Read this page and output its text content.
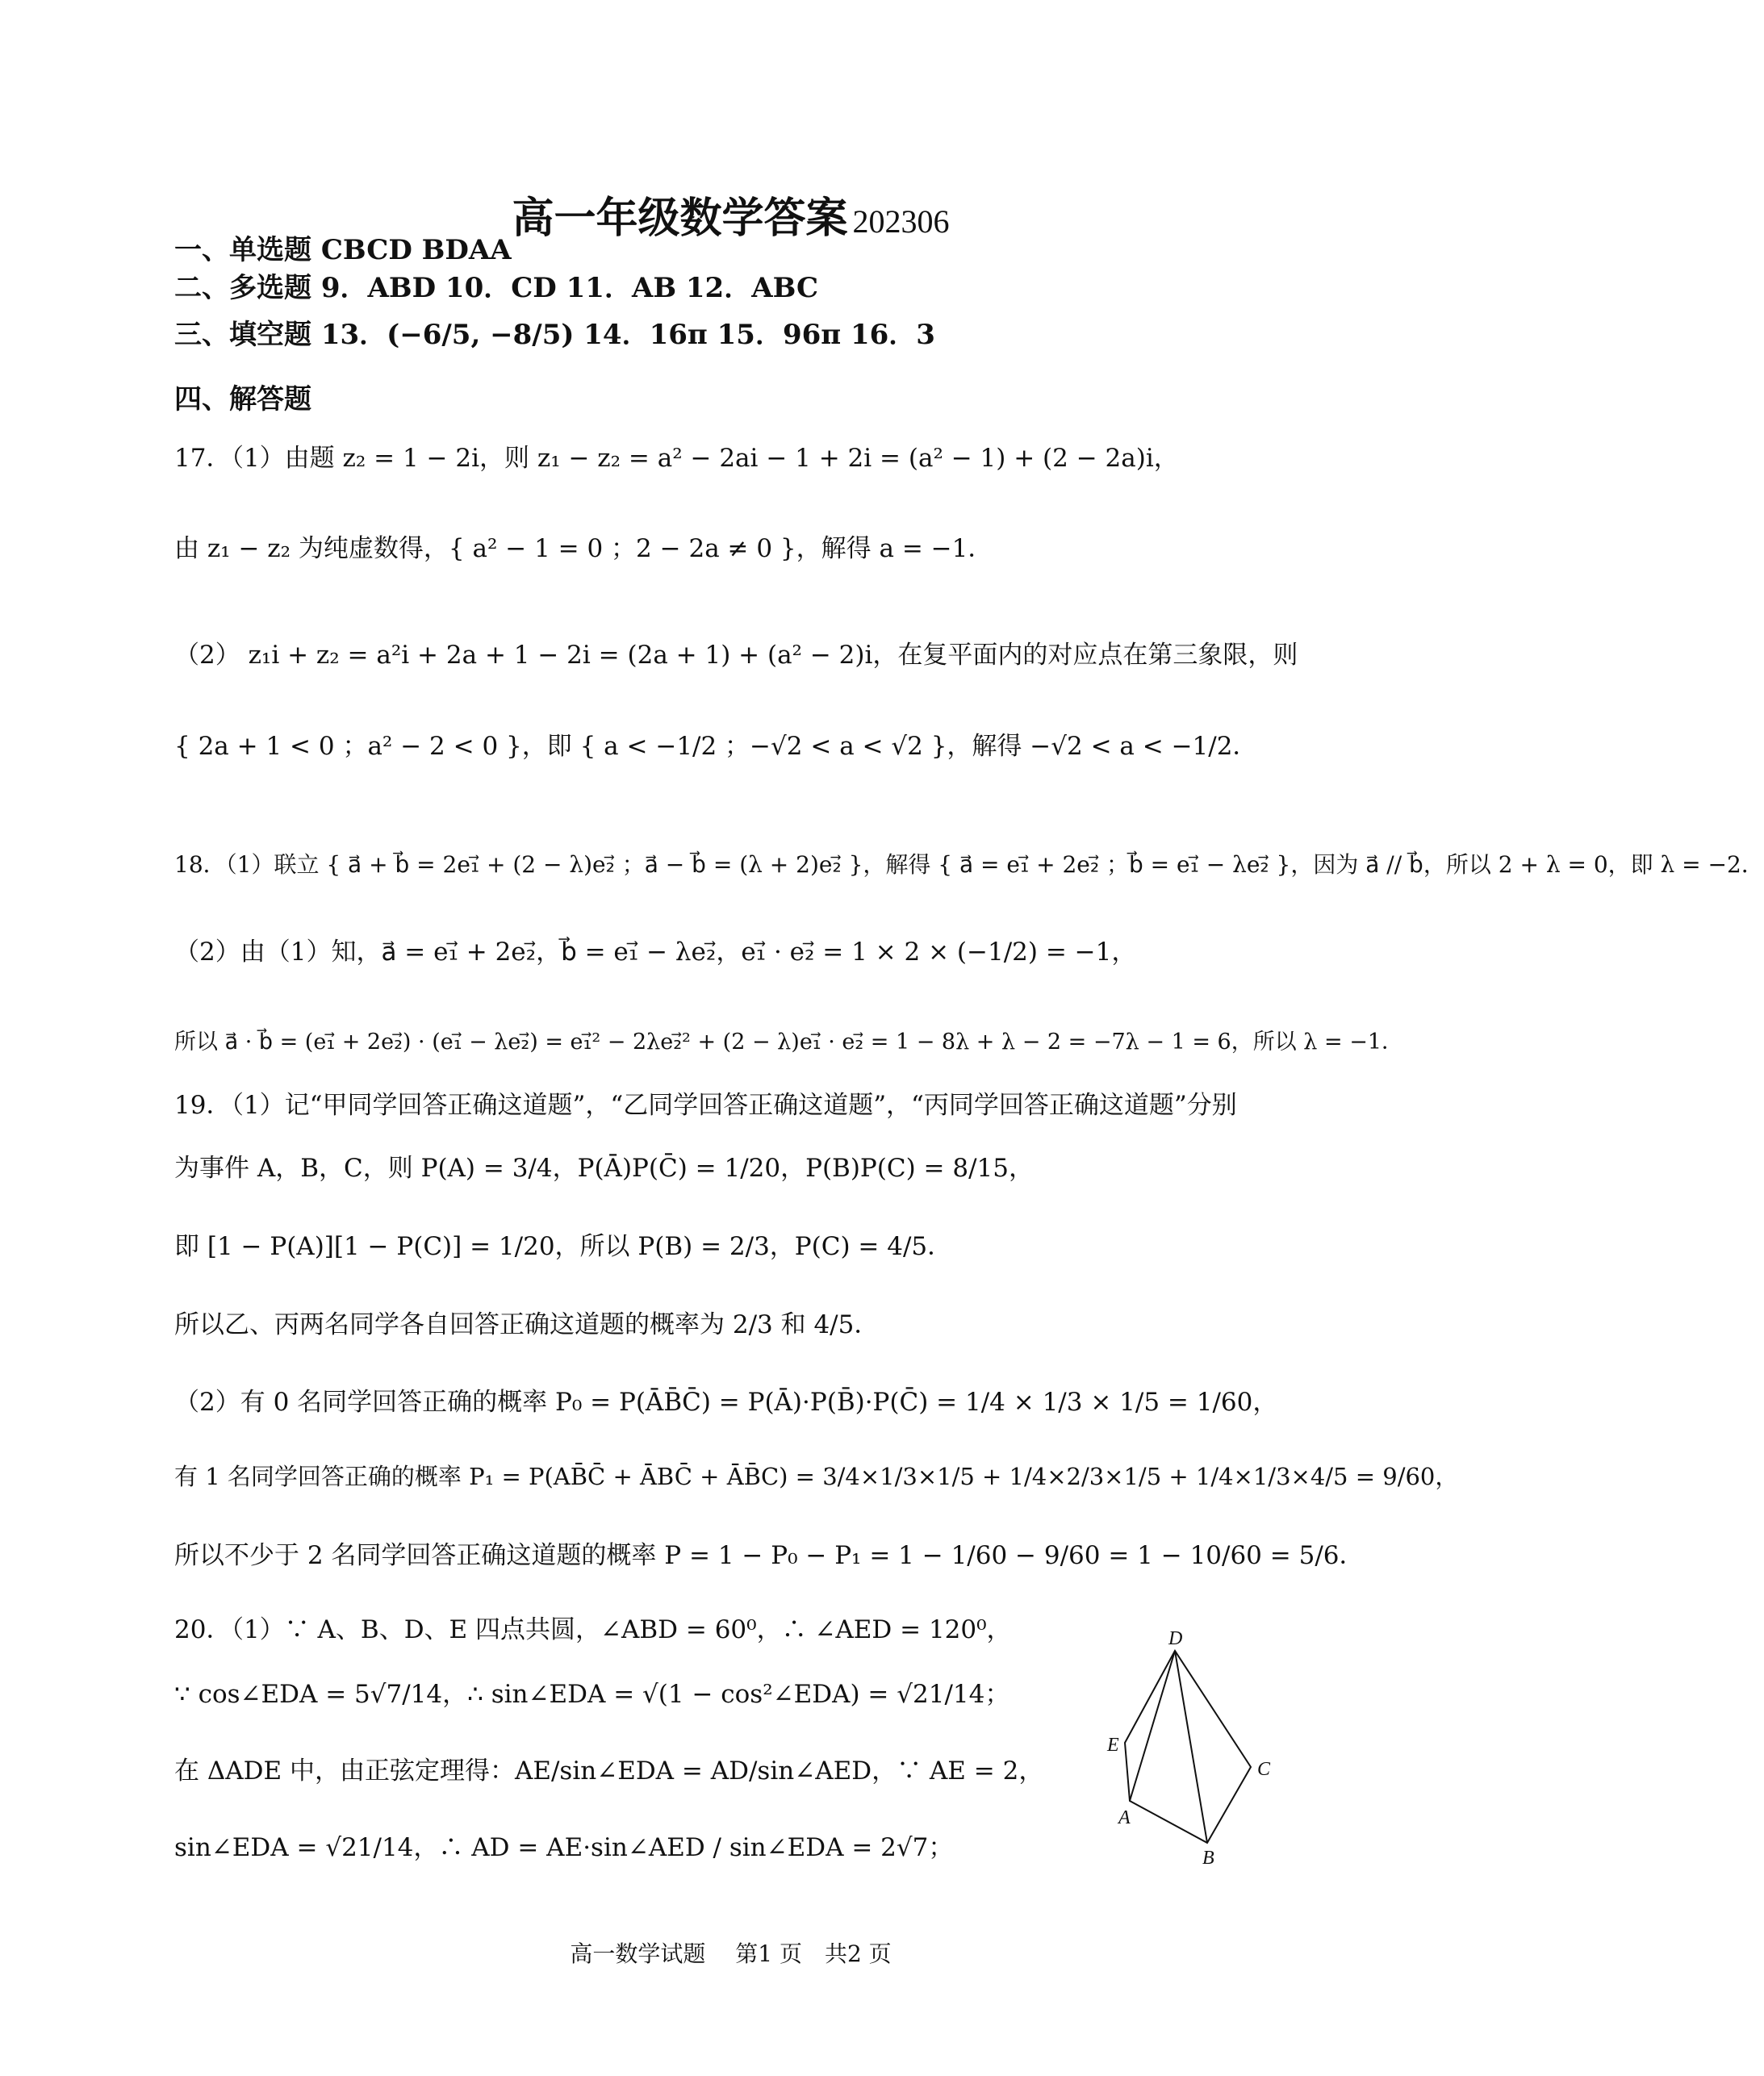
高一年级数学答案 202306
一、单选题 CBCD BDAA
二、多选题 9．ABD 10．CD 11．AB 12．ABC
三、填空题 13．(−6/5, −8/5) 14．16π 15．96π 16．3
四、解答题
17．（1）由题 z₂ = 1 − 2i，则 z₁ − z₂ = a² − 2ai − 1 + 2i = (a² − 1) + (2 − 2a)i，
由 z₁ − z₂ 为纯虚数得，{ a² − 1 = 0 ；2 − 2a ≠ 0 }，解得 a = −1．
（2） z₁i + z₂ = a²i + 2a + 1 − 2i = (2a + 1) + (a² − 2)i，在复平面内的对应点在第三象限，则
{ 2a + 1 < 0 ；a² − 2 < 0 }，即 { a < −1/2 ；−√2 < a < √2 }，解得 −√2 < a < −1/2．
18．（1）联立 { a⃗ + b⃗ = 2e₁⃗ + (2 − λ)e₂⃗ ；a⃗ − b⃗ = (λ + 2)e₂⃗ }，解得 { a⃗ = e₁⃗ + 2e₂⃗ ；b⃗ = e₁⃗ − λe₂⃗ }，因为 a⃗ // b⃗，所以 2 + λ = 0，即 λ = −2．
（2）由（1）知，a⃗ = e₁⃗ + 2e₂⃗，b⃗ = e₁⃗ − λe₂⃗，e₁⃗ · e₂⃗ = 1 × 2 × (−1/2) = −1，
所以 a⃗ · b⃗ = (e₁⃗ + 2e₂⃗) · (e₁⃗ − λe₂⃗) = e₁⃗² − 2λe₂⃗² + (2 − λ)e₁⃗ · e₂⃗ = 1 − 8λ + λ − 2 = −7λ − 1 = 6，所以 λ = −1．
19．（1）记“甲同学回答正确这道题”，“乙同学回答正确这道题”，“丙同学回答正确这道题”分别
为事件 A，B，C，则 P(A) = 3/4，P(Ā)P(C̄) = 1/20，P(B)P(C) = 8/15，
即 [1 − P(A)][1 − P(C)] = 1/20，所以 P(B) = 2/3，P(C) = 4/5．
所以乙、丙两名同学各自回答正确这道题的概率为 2/3 和 4/5．
（2）有 0 名同学回答正确的概率 P₀ = P(ĀB̄C̄) = P(Ā)·P(B̄)·P(C̄) = 1/4 × 1/3 × 1/5 = 1/60，
有 1 名同学回答正确的概率 P₁ = P(AB̄C̄ + ĀBC̄ + ĀB̄C) = 3/4×1/3×1/5 + 1/4×2/3×1/5 + 1/4×1/3×4/5 = 9/60，
所以不少于 2 名同学回答正确这道题的概率 P = 1 − P₀ − P₁ = 1 − 1/60 − 9/60 = 1 − 10/60 = 5/6．
20．（1）∵ A、B、D、E 四点共圆，∠ABD = 60⁰，∴ ∠AED = 120⁰，
∵ cos∠EDA = 5√7/14，∴ sin∠EDA = √(1 − cos²∠EDA) = √21/14；
在 ΔADE 中，由正弦定理得：AE/sin∠EDA = AD/sin∠AED，∵ AE = 2，
sin∠EDA = √21/14，∴ AD = AE·sin∠AED / sin∠EDA = 2√7；
D
E
C
A
B
高一数学试题　 第1 页　共2 页
